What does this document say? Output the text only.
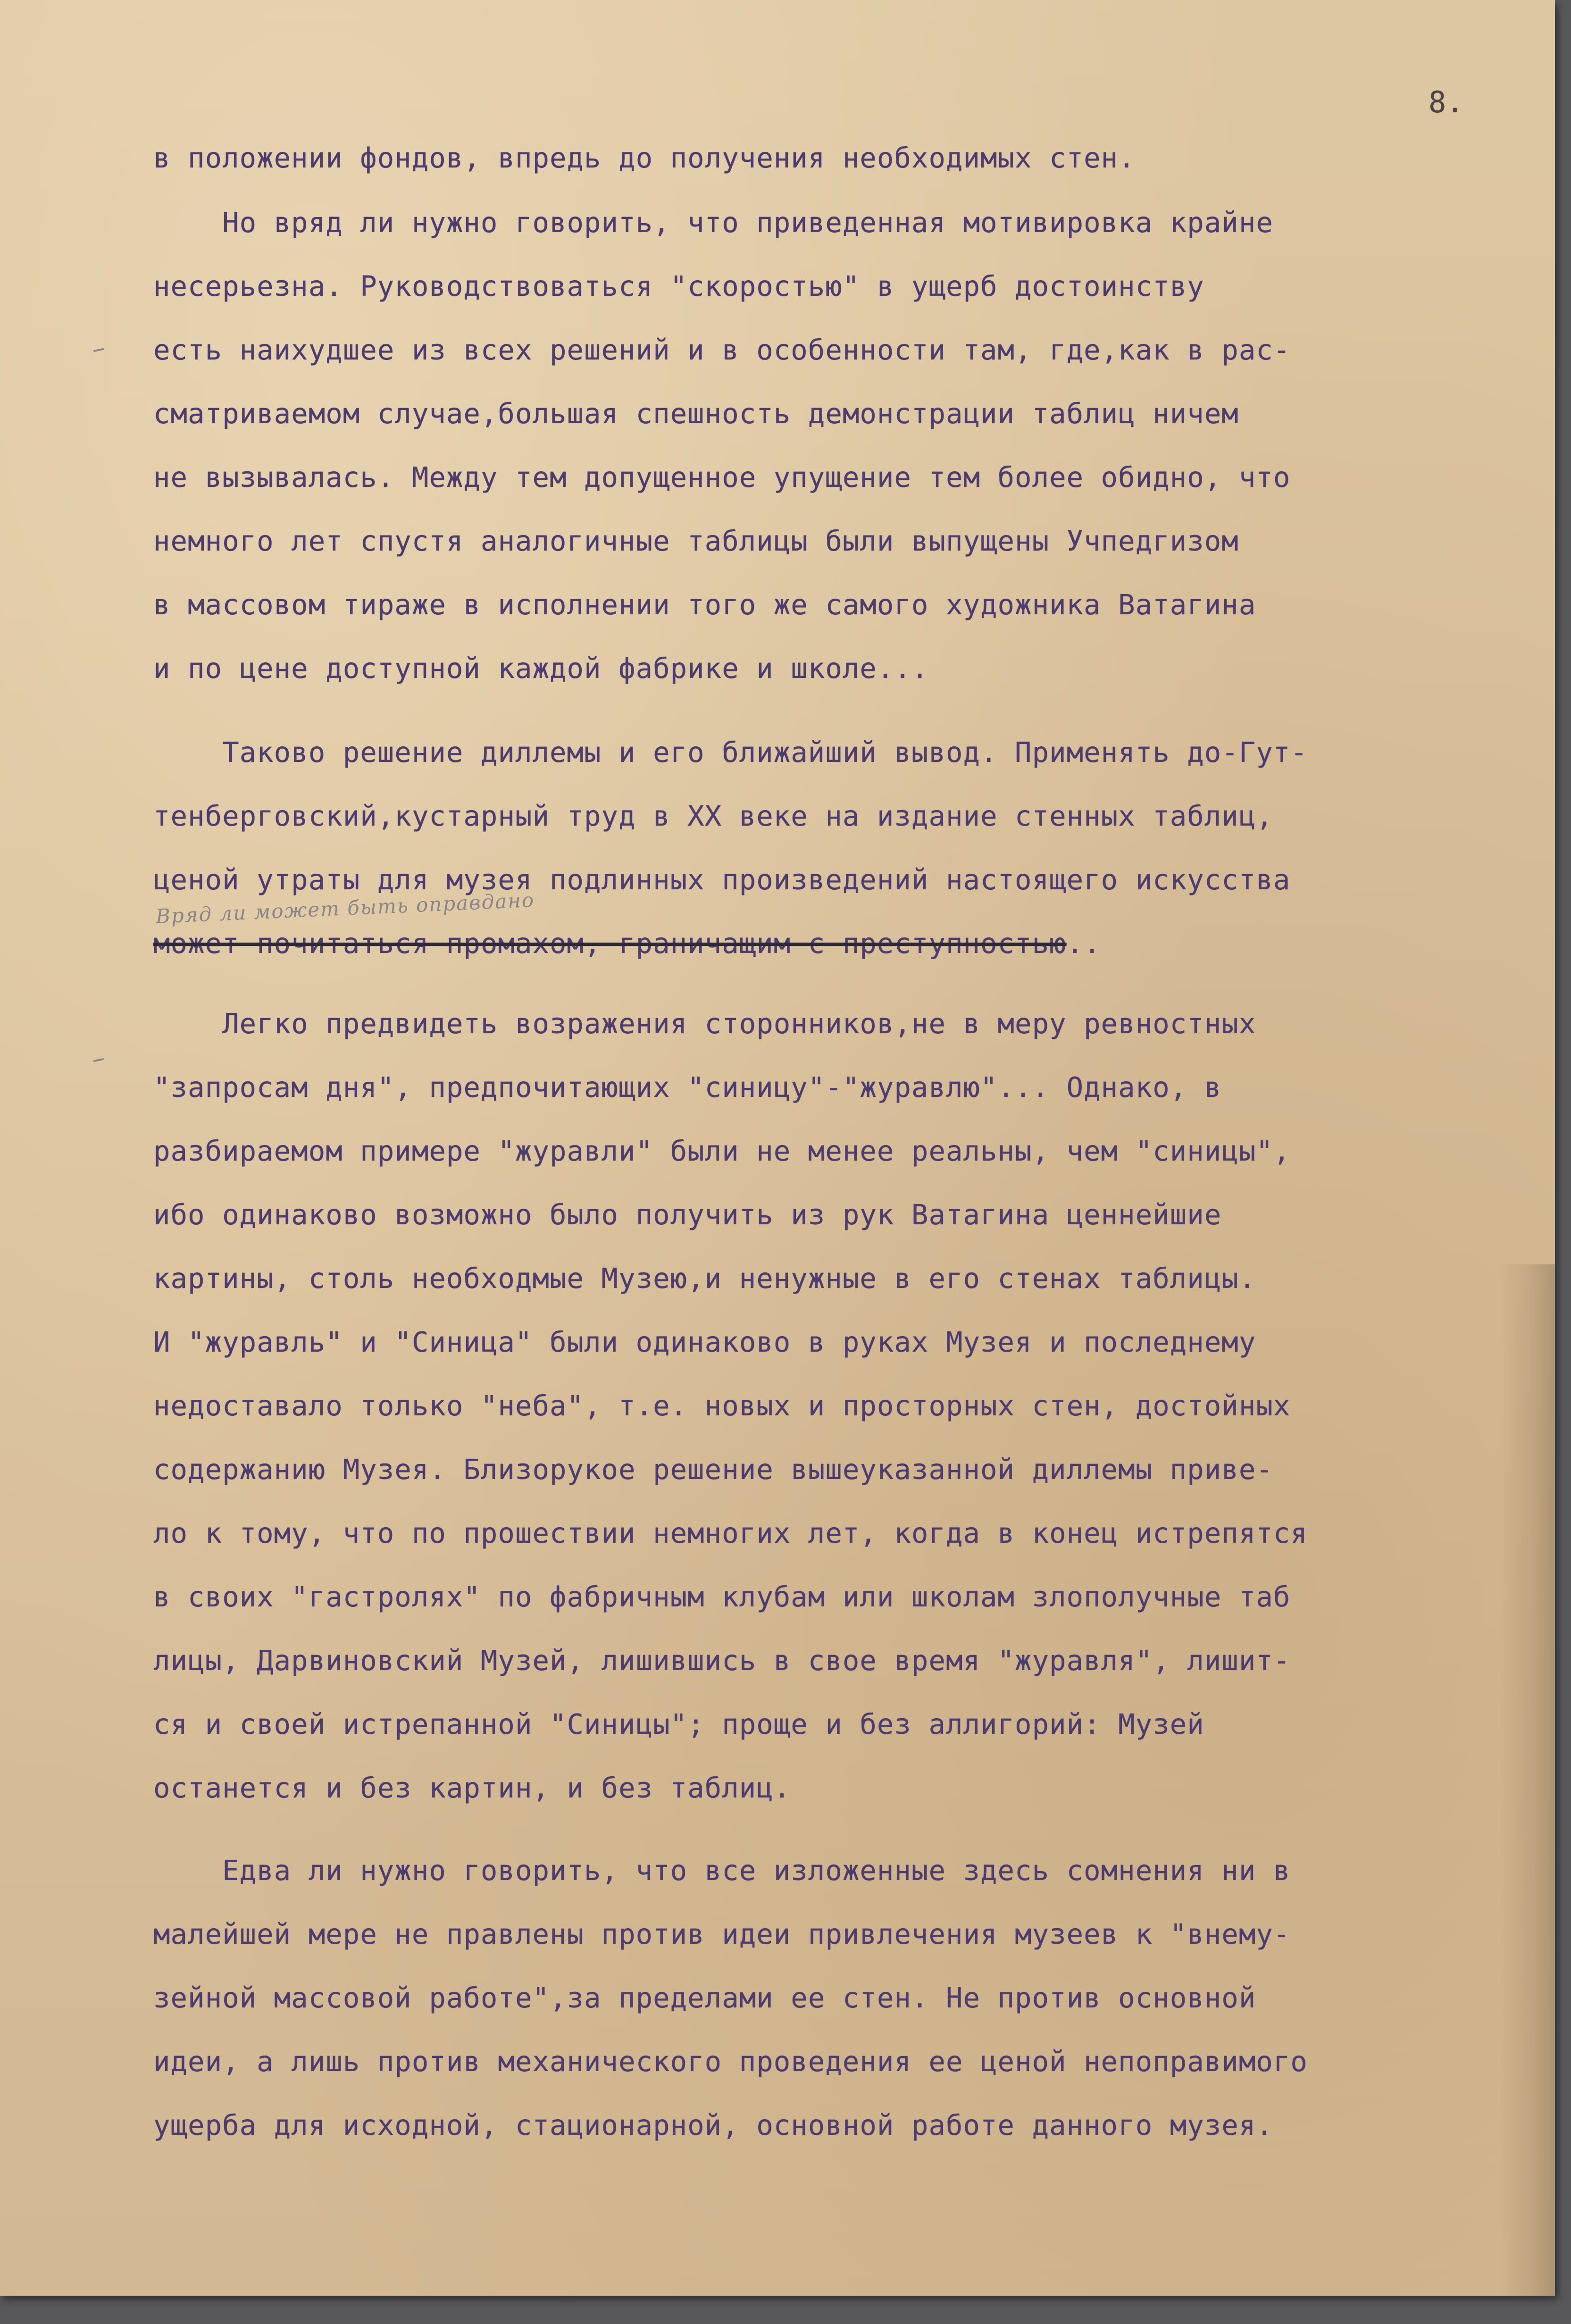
8.
Вряд ли может быть оправдано
в положении фондов, впредь до получения необходимых стен.
Но вряд ли нужно говорить, что приведенная мотивировка крайне
несерьезна. Руководствоваться "скоростью" в ущерб достоинству
есть наихудшее из всех решений и в особенности там, где,как в рас-
сматриваемом случае,большая спешность демонстрации таблиц ничем
не вызывалась. Между тем допущенное упущение тем более обидно, что
немного лет спустя аналогичные таблицы были выпущены Учпедгизом
в массовом тираже в исполнении того же самого художника Ватагина
и по цене доступной каждой фабрике и школе...
Таково решение диллемы и его ближайший вывод. Применять до-Гут-
тенберговский,кустарный труд в XX веке на издание стенных таблиц,
ценой утраты для музея подлинных произведений настоящего искусства
может почитаться промахом, граничащим с преступностью..
Легко предвидеть возражения сторонников,не в меру ревностных
"запросам дня", предпочитающих "синицу"-"журавлю"... Однако, в
разбираемом примере "журавли" были не менее реальны, чем "синицы",
ибо одинаково возможно было получить из рук Ватагина ценнейшие
картины, столь необходмые Музею,и ненужные в его стенах таблицы.
И "журавль" и "Синица" были одинаково в руках Музея и последнему
недоставало только "неба", т.е. новых и просторных стен, достойных
содержанию Музея. Близорукое решение вышеуказанной диллемы приве-
ло к тому, что по прошествии немногих лет, когда в конец истрепятся
в своих "гастролях" по фабричным клубам или школам злополучные таб
лицы, Дарвиновский Музей, лишившись в свое время "журавля", лишит-
ся и своей истрепанной "Синицы"; проще и без аллигорий: Музей
останется и без картин, и без таблиц.
Едва ли нужно говорить, что все изложенные здесь сомнения ни в
малейшей мере не правлены против идеи привлечения музеев к "внему-
зейной массовой работе",за пределами ее стен. Не против основной
идеи, а лишь против механического проведения ее ценой непоправимого
ущерба для исходной, стационарной, основной работе данного музея.
